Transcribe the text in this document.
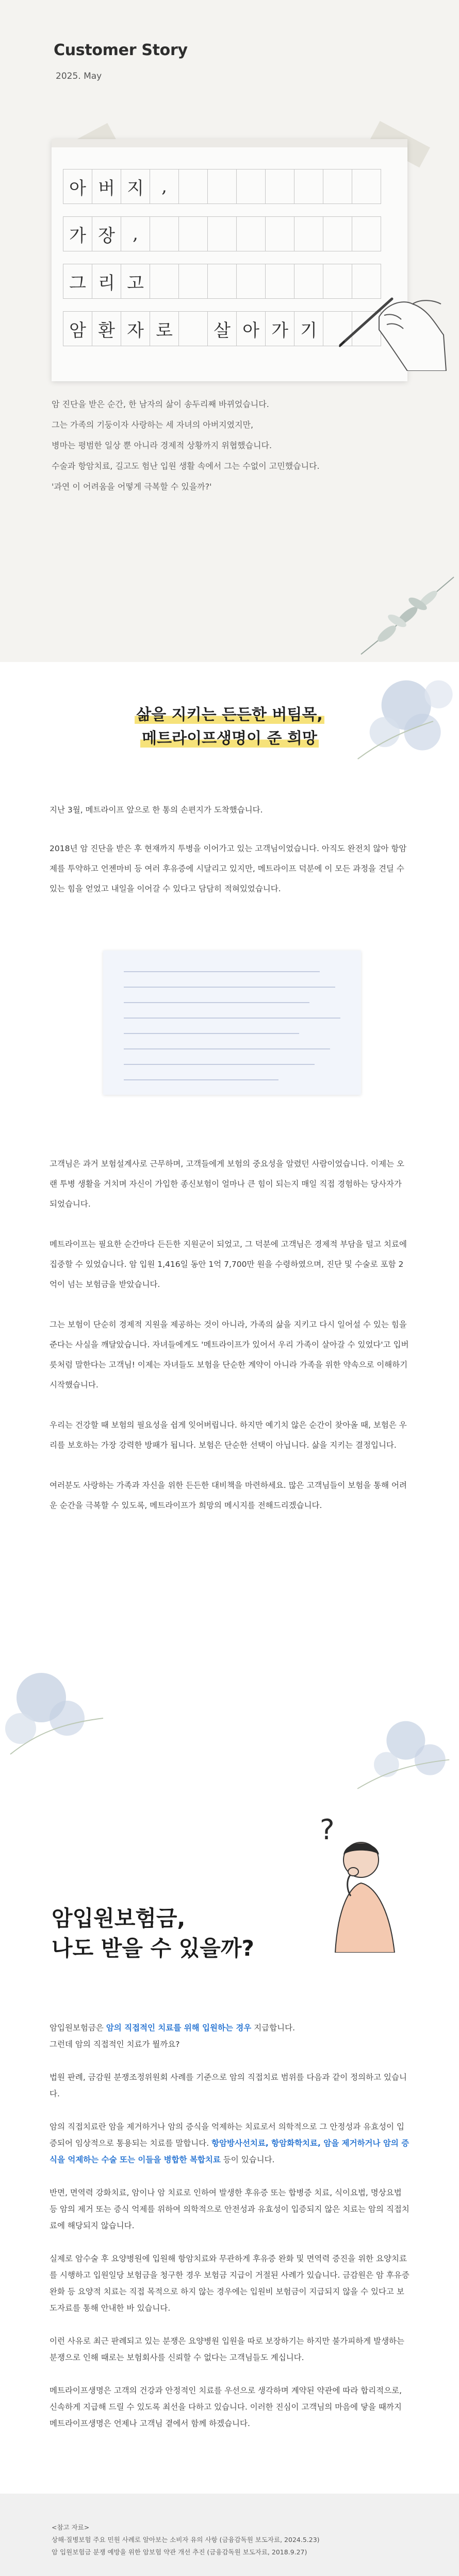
Customer Story
2025. May
아 버 지	,
가 장	,
그 리 고
암 환 자 로	살 아 가 기

암 진단을 받은 순간, 한 남자의 삶이 송두리째 바뀌었습니다.

그는 가족의 기둥이자 사랑하는 세 자녀의 아버지였지만,

병마는 평범한 일상 뿐 아니라 경제적 상황까지 위협했습니다.

수술과 항암치료, 길고도 험난 입원 생활 속에서 그는 수없이 고민했습니다.

'과연 이 어려움을 어떻게 극복할 수 있을까?'

삶을 지키는 든든한 버팀목,
메트라이프생명이 준 희망

지난 3월, 메트라이프 앞으로 한 통의 손편지가 도착했습니다.

2018년 암 진단을 받은 후 현재까지 투병을 이어가고 있는 고객님이었습니다. 아직도 완전치 않아 항암제를 투약하고 언젠마비 등 여러 후유증에 시달리고 있지만, 메트라이프 덕분에 이 모든 과정을 견딜 수 있는 힘을 얻었고 내일을 이어갈 수 있다고 담담히 적혀있었습니다.

고객님은 과거 보험설계사로 근무하며, 고객들에게 보험의 중요성을 알렸던 사람이었습니다. 이제는 오랜 투병 생활을 거치며 자신이 가입한 종신보험이 얼마나 큰 힘이 되는지 매일 직접 경험하는 당사자가 되었습니다.

메트라이프는 필요한 순간마다 든든한 지원군이 되었고, 그 덕분에 고객님은 경제적 부담을 덜고 치료에 집중할 수 있었습니다. 암 입원 1,416일 동안 1억 7,700만 원을 수령하였으며, 진단 및 수술로 포함 2억이 넘는 보험금을 받았습니다.

그는 보험이 단순히 경제적 지원을 제공하는 것이 아니라, 가족의 삶을 지키고 다시 일어설 수 있는 힘을 준다는 사실을 깨달았습니다. 자녀들에게도 '메트라이프가 있어서 우리 가족이 살아갈 수 있었다'고 입버릇처럼 말한다는 고객님! 이제는 자녀들도 보험을 단순한 계약이 아니라 가족을 위한 약속으로 이해하기 시작했습니다.

우리는 건강할 때 보험의 필요성을 쉽게 잊어버립니다. 하지만 예기치 않은 순간이 찾아올 때, 보험은 우리를 보호하는 가장 강력한 방패가 됩니다. 보험은 단순한 선택이 아닙니다. 삶을 지키는 결정입니다.

여러분도 사랑하는 가족과 자신을 위한 든든한 대비책을 마련하세요. 많은 고객님들이 보험을 통해 어려운 순간을 극복할 수 있도록, 메트라이프가 희망의 메시지를 전해드리겠습니다.

암입원보험금,
나도 받을 수 있을까?
?

암입원보험금은 암의 직접적인 치료를 위해 입원하는 경우 지급합니다.

그런데 암의 직접적인 치료가 뭘까요?

법원 판례, 금감원 분쟁조정위원회 사례를 기준으로 암의 직접치료 범위를 다음과 같이 정의하고 있습니다.

암의 직접치료란 암을 제거하거나 암의 증식을 억제하는 치료로서 의학적으로 그 안정성과 유효성이 입증되어 임상적으로 통용되는 치료를 말합니다. 항암방사선치료, 항암화학치료, 암을 제거하거나 암의 증식을 억제하는 수술 또는 이들을 병합한 복합치료 등이 있습니다.

반면, 면역력 강화치료, 암이나 암 치료로 인하여 발생한 후유증 또는 합병증 치료, 식이요법, 명상요법 등 암의 제거 또는 증식 억제를 위하여 의학적으로 안전성과 유효성이 입증되지 않은 치료는 암의 직접치료에 해당되지 않습니다.

실제로 암수술 후 요양병원에 입원해 항암치료와 무관하게 후유증 완화 및 면역력 증진을 위한 요양치료를 시행하고 입원일당 보험금을 청구한 경우 보험금 지급이 거절된 사례가 있습니다. 금감원은 암 후유증 완화 등 요양적 치료는 직접 목적으로 하지 않는 경우에는 입원비 보험금이 지급되지 않을 수 있다고 보도자료를 통해 안내한 바 있습니다.

이런 사유로 최근 판례되고 있는 분쟁은 요양병원 입원을 따로 보장하기는 하지만 불가피하게 발생하는 분쟁으로 인해 때로는 보험회사를 신뢰할 수 없다는 고객님들도 계십니다.

메트라이프생명은 고객의 건강과 안정적인 치료를 우선으로 생각하며 계약된 약관에 따라 합리적으로, 신속하게 지급해 드릴 수 있도록 최선을 다하고 있습니다. 이러한 진심이 고객님의 마음에 닿을 때까지 메트라이프생명은 언제나 고객님 곁에서 함께 하겠습니다.

<참고 자료>
상해·질병보험 주요 민원 사례로 알아보는 소비자 유의 사항 (금융감독원 보도자료, 2024.5.23)
암 입원보험금 분쟁 예방을 위한 암보험 약관 개선 추진 (금융감독원 보도자료, 2018.9.27)
